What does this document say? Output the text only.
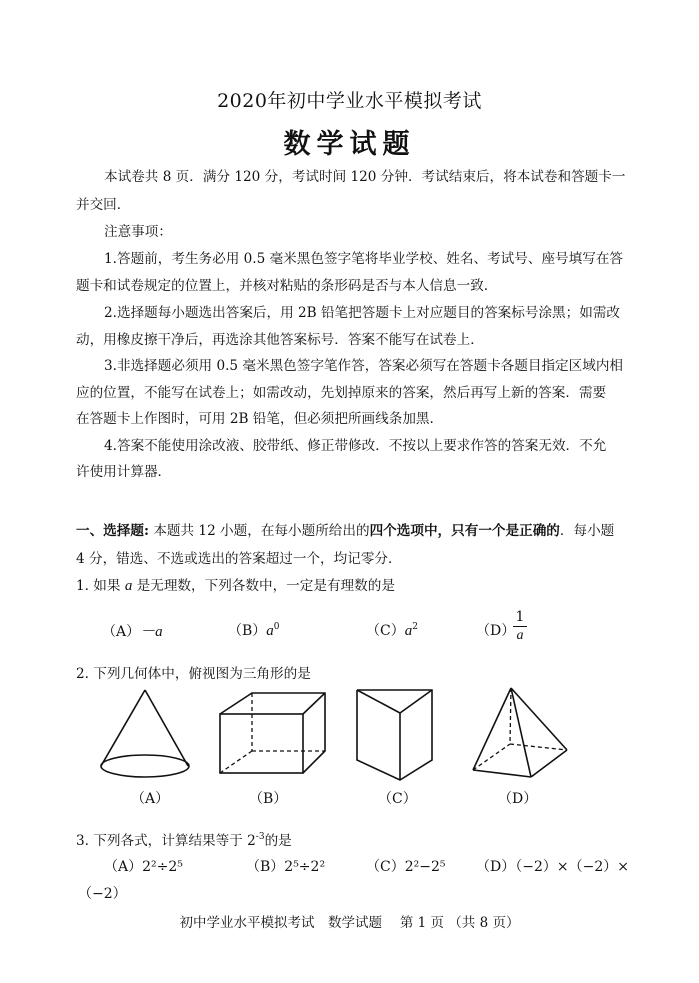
2020年初中学业水平模拟考试
数学试题
本试卷共 8 页．满分 120 分，考试时间 120 分钟．考试结束后，将本试卷和答题卡一
并交回．
注意事项：
1.答题前，考生务必用 0.5 毫米黑色签字笔将毕业学校、姓名、考试号、座号填写在答
题卡和试卷规定的位置上，并核对粘贴的条形码是否与本人信息一致.
2.选择题每小题选出答案后，用 2B 铅笔把答题卡上对应题目的答案标号涂黑；如需改
动，用橡皮擦干净后，再选涂其他答案标号．答案不能写在试卷上．
3.非选择题必须用 0.5 毫米黑色签字笔作答，答案必须写在答题卡各题目指定区域内相
应的位置，不能写在试卷上；如需改动，先划掉原来的答案，然后再写上新的答案．需要
在答题卡上作图时，可用 2B 铅笔，但必须把所画线条加黑.
4.答案不能使用涂改液、胶带纸、修正带修改．不按以上要求作答的答案无效．不允
许使用计算器．
一、选择题: 本题共 12 小题，在每小题所给出的四个选项中，只有一个是正确的．每小题
4 分，错选、不选或选出的答案超过一个，均记零分．
1. 如果 a 是无理数，下列各数中，一定是有理数的是
（A）－a	$(B)a^0$	$(C)a^2$	（D）
1
a
2. 下列几何体中，俯视图为三角形的是
（A）	（B）	（C）	（D）
3. 下列各式，计算结果等于 $2^{-3}$的是
（A）2²÷2⁵	（B）2⁵÷2²	（C）2²−2⁵ （D）（−2）×（−2）×
（−2）
初中学业水平模拟考试　数学试题　 第 1 页 （共 8 页）
